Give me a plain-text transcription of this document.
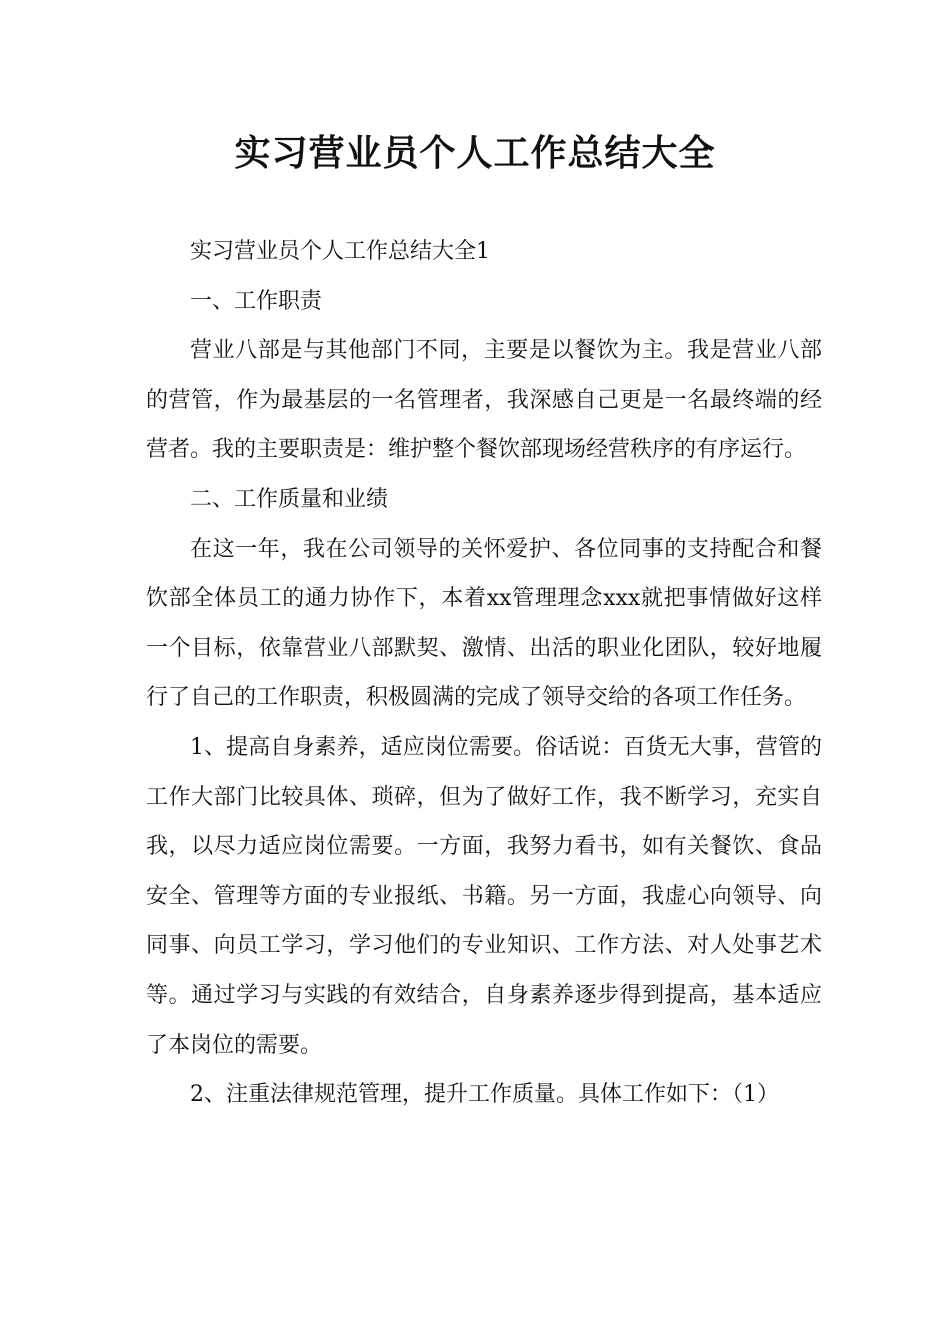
实习营业员个人工作总结大全

实习营业员个人工作总结大全1

一、工作职责

营业八部是与其他部门不同，主要是以餐饮为主。我是营业八部的营管，作为最基层的一名管理者，我深感自己更是一名最终端的经营者。我的主要职责是：维护整个餐饮部现场经营秩序的有序运行。

二、工作质量和业绩

在这一年，我在公司领导的关怀爱护、各位同事的支持配合和餐饮部全体员工的通力协作下，本着xx管理理念xxx就把事情做好这样一个目标，依靠营业八部默契、激情、出活的职业化团队，较好地履行了自己的工作职责，积极圆满的完成了领导交给的各项工作任务。

1、提高自身素养，适应岗位需要。俗话说：百货无大事，营管的工作大部门比较具体、琐碎，但为了做好工作，我不断学习，充实自我，以尽力适应岗位需要。一方面，我努力看书，如有关餐饮、食品安全、管理等方面的专业报纸、书籍。另一方面，我虚心向领导、向同事、向员工学习，学习他们的专业知识、工作方法、对人处事艺术等。通过学习与实践的有效结合，自身素养逐步得到提高，基本适应了本岗位的需要。

2、注重法律规范管理，提升工作质量。具体工作如下：（1）
